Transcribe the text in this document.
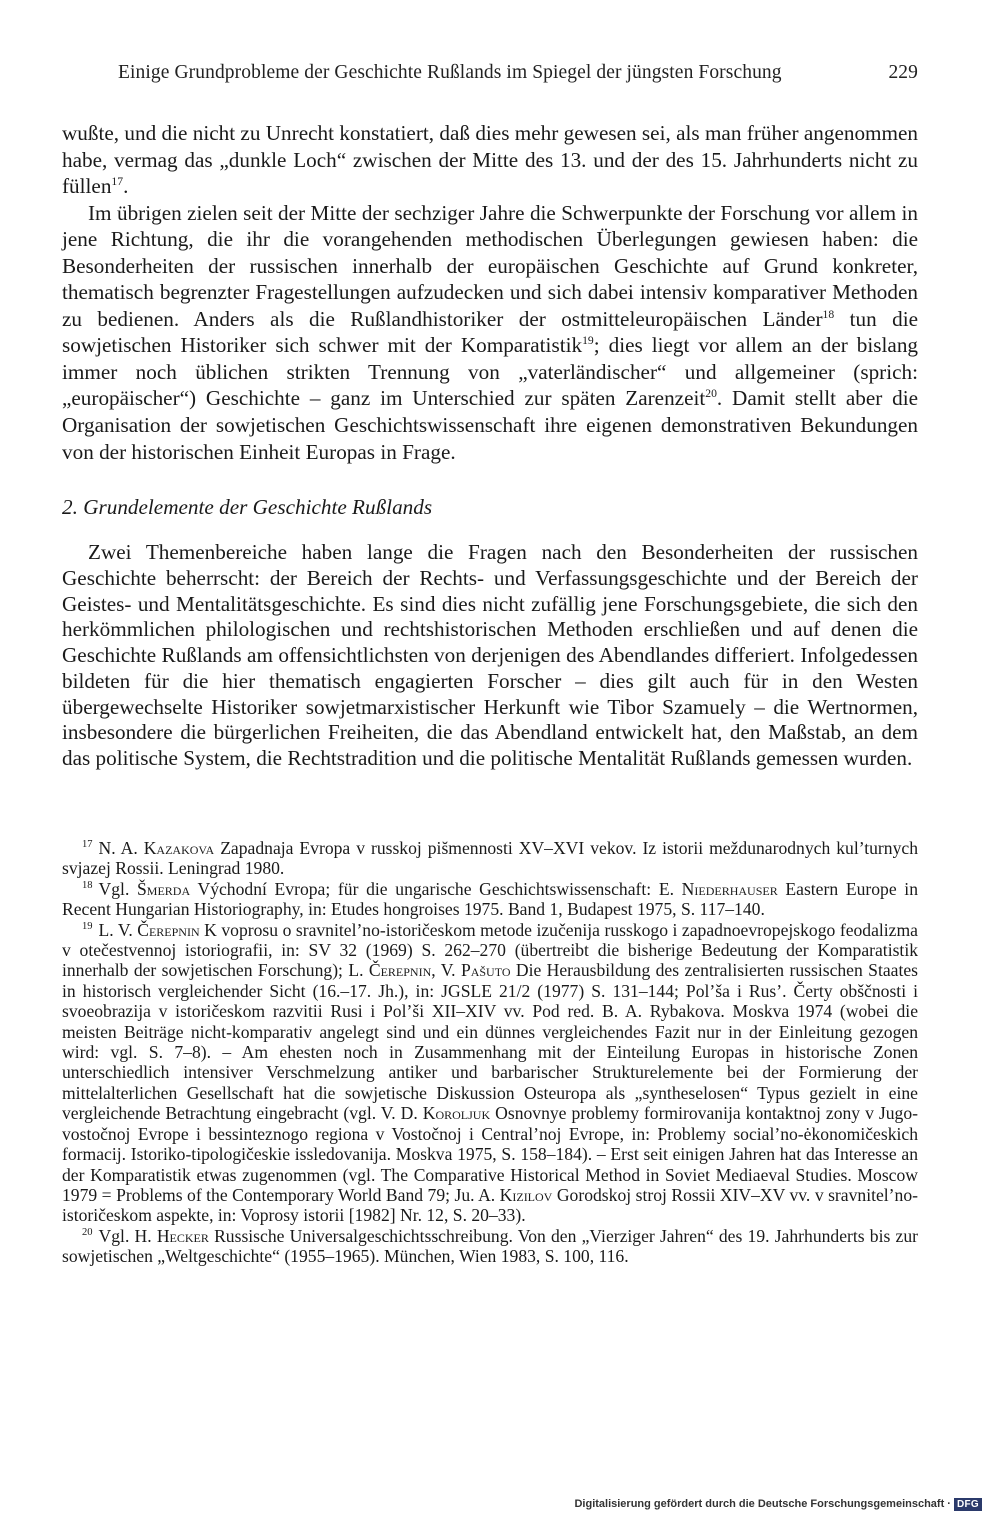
Einige Grundprobleme der Geschichte Rußlands im Spiegel der jüngsten Forschung	229

wußte, und die nicht zu Unrecht konstatiert, daß dies mehr gewesen sei, als man früher angenommen habe, vermag das „dunkle Loch“ zwischen der Mitte des 13. und der des 15. Jahrhunderts nicht zu füllen$^{17}$.

Im übrigen zielen seit der Mitte der sechziger Jahre die Schwerpunkte der Forschung vor allem in jene Richtung, die ihr die vorangehenden methodischen Überlegungen gewiesen haben: die Besonderheiten der russischen innerhalb der europäischen Geschichte auf Grund konkreter, thematisch begrenzter Fragestellungen aufzudecken und sich dabei intensiv komparativer Methoden zu bedienen. Anders als die Rußlandhistoriker der ostmitteleuropäischen Länder$^{18}$ tun die sowjetischen Historiker sich schwer mit der Komparatistik$^{19}$; dies liegt vor allem an der bislang immer noch üblichen strikten Trennung von „vaterländischer“ und allgemeiner (sprich: „europäischer“) Geschichte – ganz im Unterschied zur späten Zarenzeit$^{20}$. Damit stellt aber die Organisation der sowjetischen Geschichtswissenschaft ihre eigenen demonstrativen Bekundungen von der historischen Einheit Europas in Frage.

2. Grundelemente der Geschichte Rußlands
Zwei Themenbereiche haben lange die Fragen nach den Besonderheiten der russischen Geschichte beherrscht: der Bereich der Rechts- und Verfassungsgeschichte und der Bereich der Geistes- und Mentalitätsgeschichte. Es sind dies nicht zufällig jene Forschungsgebiete, die sich den herkömmlichen philologischen und rechtshistorischen Methoden erschließen und auf denen die Geschichte Rußlands am offensichtlichsten von derjenigen des Abendlandes differiert. Infolgedessen bildeten für die hier thematisch engagierten Forscher – dies gilt auch für in den Westen übergewechselte Historiker sowjetmarxistischer Herkunft wie Tibor Szamuely – die Wertnormen, insbesondere die bürgerlichen Freiheiten, die das Abendland entwickelt hat, den Maßstab, an dem das politische System, die Rechtstradition und die politische Mentalität Rußlands gemessen wurden.

$^{17}$ N. A. Kazakova Zapadnaja Evropa v russkoj pis̆mennosti XV–XVI vekov. Iz istorii meždunarodnych kul’turnych svjazej Rossii. Leningrad 1980.

$^{18}$ Vgl. Šmerda Východní Evropa; für die ungarische Geschichtswissenschaft: E. Niederhauser Eastern Europe in Recent Hungarian Historiography, in: Etudes hongroises 1975. Band 1, Budapest 1975, S. 117–140.

$^{19}$ L. V. Čerepnin K voprosu o sravnitel’no-istoričeskom metode izučenija russkogo i zapadnoevropejskogo feodalizma v otečestvennoj istoriografii, in: SV 32 (1969) S. 262–270 (übertreibt die bisherige Bedeutung der Komparatistik innerhalb der sowjetischen Forschung); L. Čerepnin, V. Pašuto Die Herausbildung des zentralisierten russischen Staates in historisch vergleichender Sicht (16.–17. Jh.), in: JGSLE 21/2 (1977) S. 131–144; Pol’ša i Rus’. Čerty obščnosti i svoeobrazija v istoričeskom razvitii Rusi i Pol’ši XII–XIV vv. Pod red. B. A. Rybakova. Moskva 1974 (wobei die meisten Beiträge nicht-komparativ angelegt sind und ein dünnes vergleichendes Fazit nur in der Einleitung gezogen wird: vgl. S. 7–8). – Am ehesten noch in Zusammenhang mit der Einteilung Europas in historische Zonen unterschiedlich intensiver Verschmelzung antiker und barbarischer Strukturelemente bei der Formierung der mittelalterlichen Gesellschaft hat die sowjetische Diskussion Osteuropa als „syntheselosen“ Typus gezielt in eine vergleichende Betrachtung eingebracht (vgl. V. D. Koroljuk Osnovnye problemy formirovanija kontaktnoj zony v Jugo-vostočnoj Evrope i bessinteznogo regiona v Vostočnoj i Central’noj Evrope, in: Problemy social’no-ėkonomičeskich formacij. Istoriko-tipologičeskie issledovanija. Moskva 1975, S. 158–184). – Erst seit einigen Jahren hat das Interesse an der Komparatistik etwas zugenommen (vgl. The Comparative Historical Method in Soviet Mediaeval Studies. Moscow 1979 = Problems of the Contemporary World Band 79; Ju. A. Kizilov Gorodskoj stroj Rossii XIV–XV vv. v sravnitel’no-istoričeskom aspekte, in: Voprosy istorii [1982] Nr. 12, S. 20–33).

$^{20}$ Vgl. H. Hecker Russische Universalgeschichtsschreibung. Von den „Vierziger Jahren“ des 19. Jahrhunderts bis zur sowjetischen „Weltgeschichte“ (1955–1965). München, Wien 1983, S. 100, 116.

Digitalisierung gefördert durch die Deutsche Forschungsgemeinschaft · DFG
